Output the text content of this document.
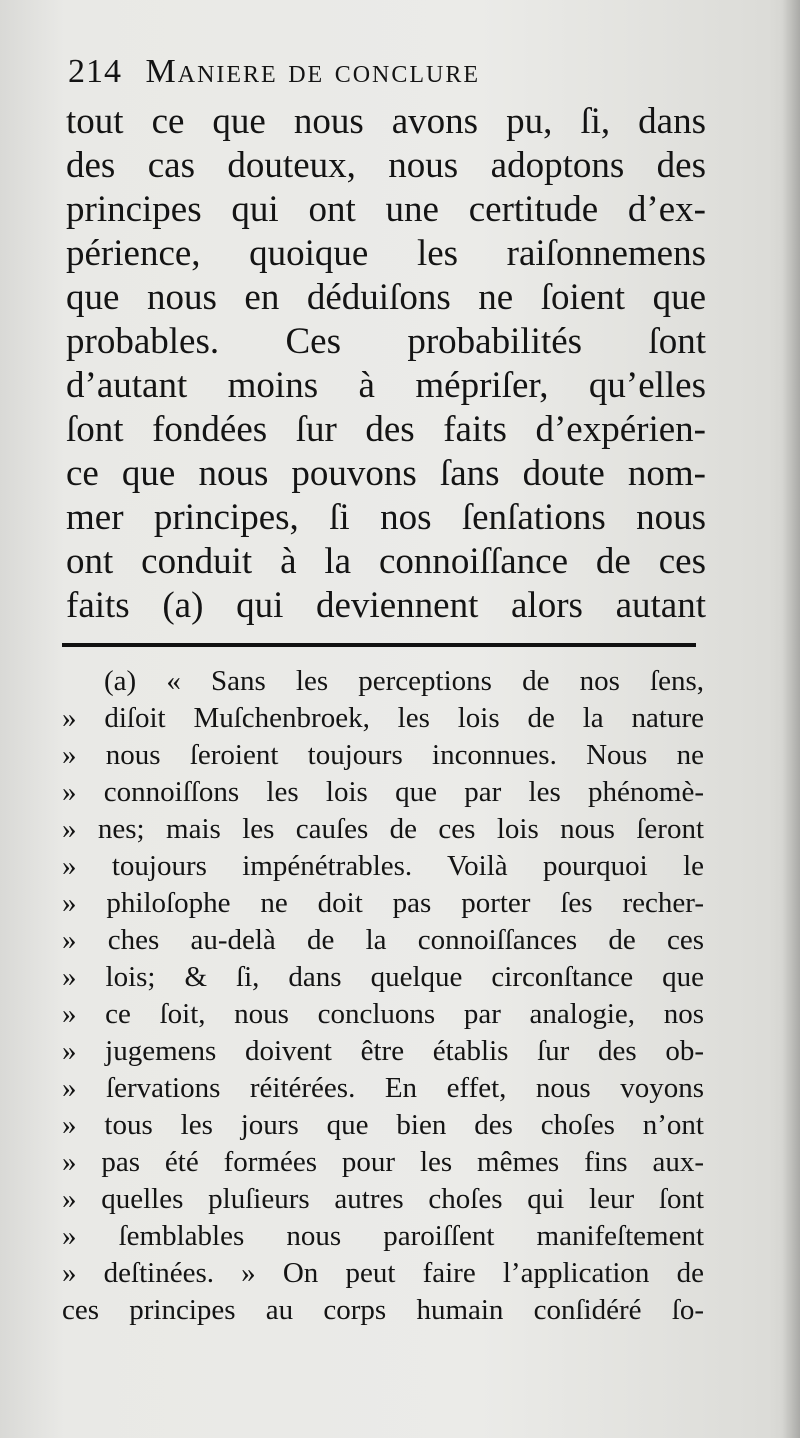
214 Maniere de conclure
tout ce que nous avons pu, ſi, dans
des cas douteux, nous adoptons des
principes qui ont une certitude d’ex-
périence, quoique les raiſonnemens
que nous en déduiſons ne ſoient que
probables. Ces probabilités ſont
d’autant moins à mépriſer, qu’elles
ſont fondées ſur des faits d’expérien-
ce que nous pouvons ſans doute nom-
mer principes, ſi nos ſenſations nous
ont conduit à la connoiſſance de ces
faits (a) qui deviennent alors autant
(a) « Sans les perceptions de nos ſens,
» diſoit Muſchenbroek, les lois de la nature
» nous ſeroient toujours inconnues. Nous ne
» connoiſſons les lois que par les phénomè-
» nes; mais les cauſes de ces lois nous ſeront
» toujours impénétrables. Voilà pourquoi le
» philoſophe ne doit pas porter ſes recher-
» ches au-delà de la connoiſſances de ces
» lois; & ſi, dans quelque circonſtance que
» ce ſoit, nous concluons par analogie, nos
» jugemens doivent être établis ſur des ob-
» ſervations réitérées. En effet, nous voyons
» tous les jours que bien des choſes n’ont
» pas été formées pour les mêmes fins aux-
» quelles pluſieurs autres choſes qui leur ſont
» ſemblables nous paroiſſent manifeſtement
» deſtinées. » On peut faire l’application de
ces principes au corps humain conſidéré ſo-
